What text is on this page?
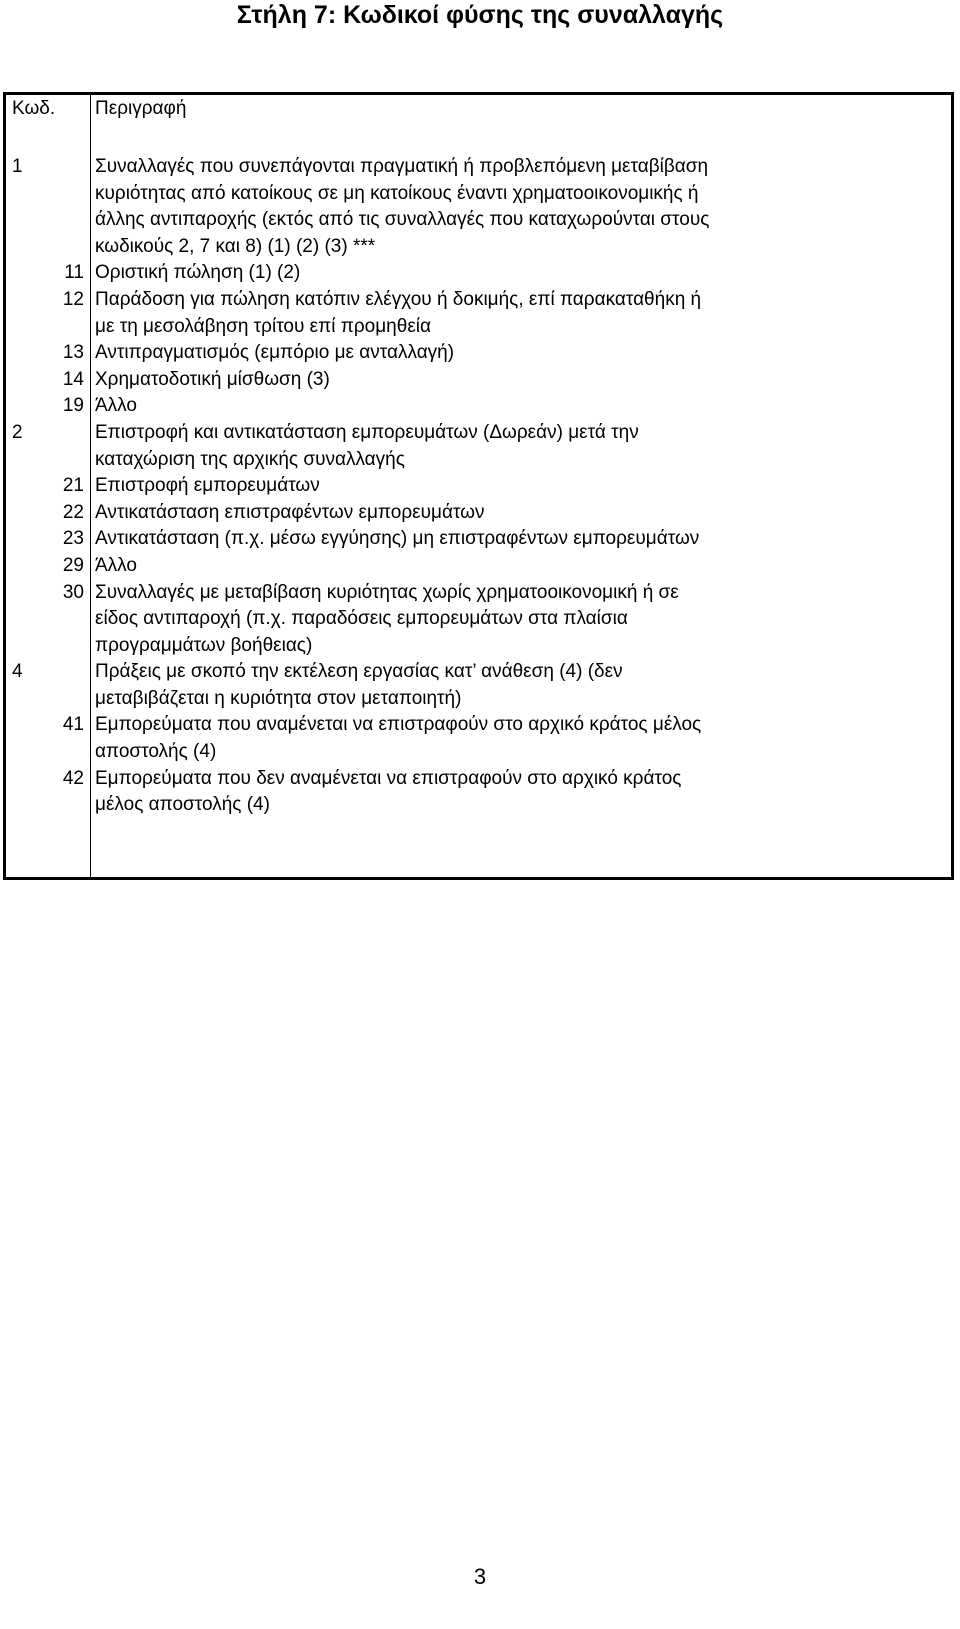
Στήλη 7: Κωδικοί φύσης της συναλλαγής
Κωδ. Περιγραφή
1	Συναλλαγές που συνεπάγονται πραγματική ή προβλεπόμενη μεταβίβαση
κυριότητας από κατοίκους σε μη κατοίκους έναντι χρηματοοικονομικής ή
άλλης αντιπαροχής (εκτός από τις συναλλαγές που καταχωρούνται στους
κωδικούς 2, 7 και 8) (1) (2) (3) ***
11 Οριστική πώληση (1) (2)
12 Παράδοση για πώληση κατόπιν ελέγχου ή δοκιμής, επί παρακαταθήκη ή
με τη μεσολάβηση τρίτου επί προμηθεία
13 Αντιπραγματισμός (εμπόριο με ανταλλαγή)
14 Χρηματοδοτική μίσθωση (3)
19 Άλλο
2	Επιστροφή και αντικατάσταση εμπορευμάτων (Δωρεάν) μετά την
καταχώριση της αρχικής συναλλαγής
21 Επιστροφή εμπορευμάτων
22 Αντικατάσταση επιστραφέντων εμπορευμάτων
23 Αντικατάσταση (π.χ. μέσω εγγύησης) μη επιστραφέντων εμπορευμάτων
29 Άλλο
30 Συναλλαγές με μεταβίβαση κυριότητας χωρίς χρηματοοικονομική ή σε
είδος αντιπαροχή (π.χ. παραδόσεις εμπορευμάτων στα πλαίσια
προγραμμάτων βοήθειας)
4	Πράξεις με σκοπό την εκτέλεση εργασίας κατ’ ανάθεση (4) (δεν
μεταβιβάζεται η κυριότητα στον μεταποιητή)
41 Εμπορεύματα που αναμένεται να επιστραφούν στο αρχικό κράτος μέλος
αποστολής (4)
42 Εμπορεύματα που δεν αναμένεται να επιστραφούν στο αρχικό κράτος
μέλος αποστολής (4)
3
